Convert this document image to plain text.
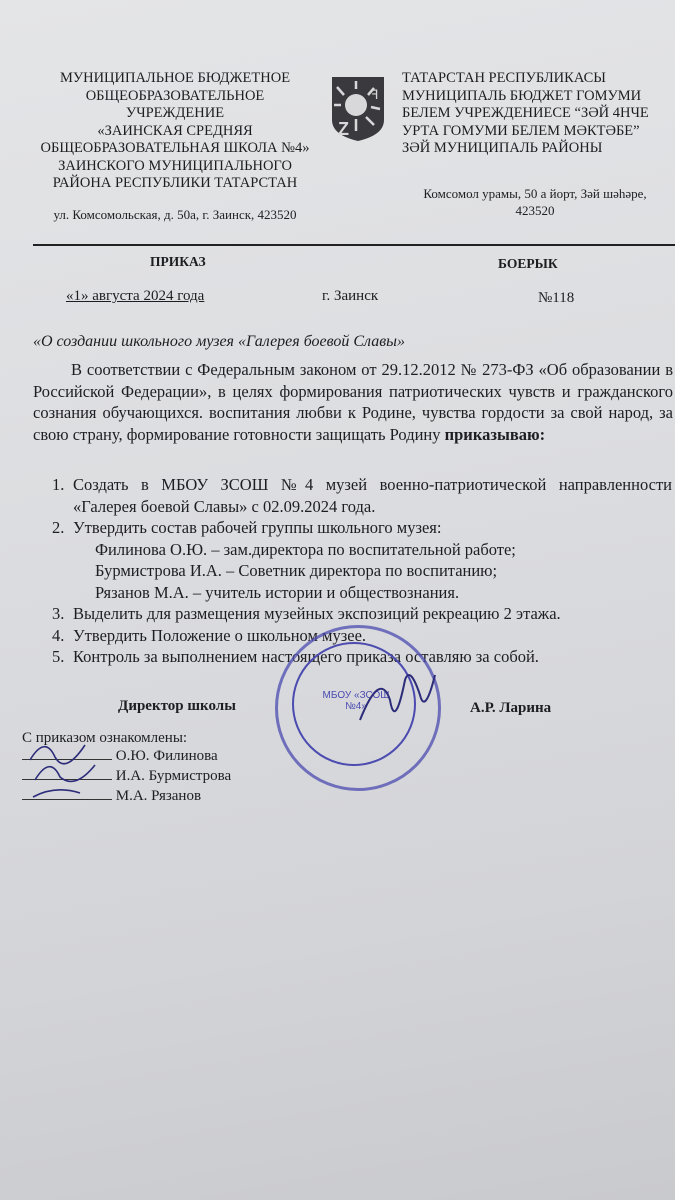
МУНИЦИПАЛЬНОЕ БЮДЖЕТНОЕ
ОБЩЕОБРАЗОВАТЕЛЬНОЕ УЧРЕЖДЕНИЕ
«ЗАИНСКАЯ СРЕДНЯЯ
ОБЩЕОБРАЗОВАТЕЛЬНАЯ ШКОЛА №4»
ЗАИНСКОГО МУНИЦИПАЛЬНОГО
РАЙОНА РЕСПУБЛИКИ ТАТАРСТАН
ул. Комсомольская, д. 50а, г. Заинск, 423520
ꟻ
Z
ТАТАРСТАН РЕСПУБЛИКАСЫ
МУНИЦИПАЛЬ БЮДЖЕТ ГОМУМИ
БЕЛЕМ УЧРЕЖДЕНИЕСЕ “ЗӘЙ 4НЧЕ
УРТА ГОМУМИ БЕЛЕМ МӘКТӘБЕ”
ЗӘЙ МУНИЦИПАЛЬ РАЙОНЫ
Комсомол урамы, 50 а йорт, Зәй шәһәре,
423520
ПРИКАЗ	БОЕРЫК
«1» августа 2024 года	г. Заинск	№118
«О создании школьного музея «Галерея боевой Славы»
В соответствии с Федеральным законом от 29.12.2012 № 273-ФЗ «Об образовании в Российской Федерации», в целях формирования патриотических чувств и гражданского сознания обучающихся. воспитания любви к Родине, чувства гордости за свой народ, за свою страну, формирование готовности защищать Родину приказываю:
1. Создать в МБОУ ЗСОШ №4 музей военно-патриотической направленности «Галерея боевой Славы» с 02.09.2024 года.
2. Утвердить состав рабочей группы школьного музея:
Филинова О.Ю. – зам.директора по воспитательной работе;
Бурмистрова И.А. – Советник директора по воспитанию;
Рязанов М.А. – учитель истории и обществознания.
3. Выделить для размещения музейных экспозиций рекреацию 2 этажа.
4. Утвердить Положение о школьном музее.
5. Контроль за выполнением настоящего приказа оставляю за собой.
Директор школы	А.Р. Ларина
МБОУ «ЗСОШ №4»
С приказом ознакомлены:
О.Ю. Филинова
И.А. Бурмистрова
М.А. Рязанов
